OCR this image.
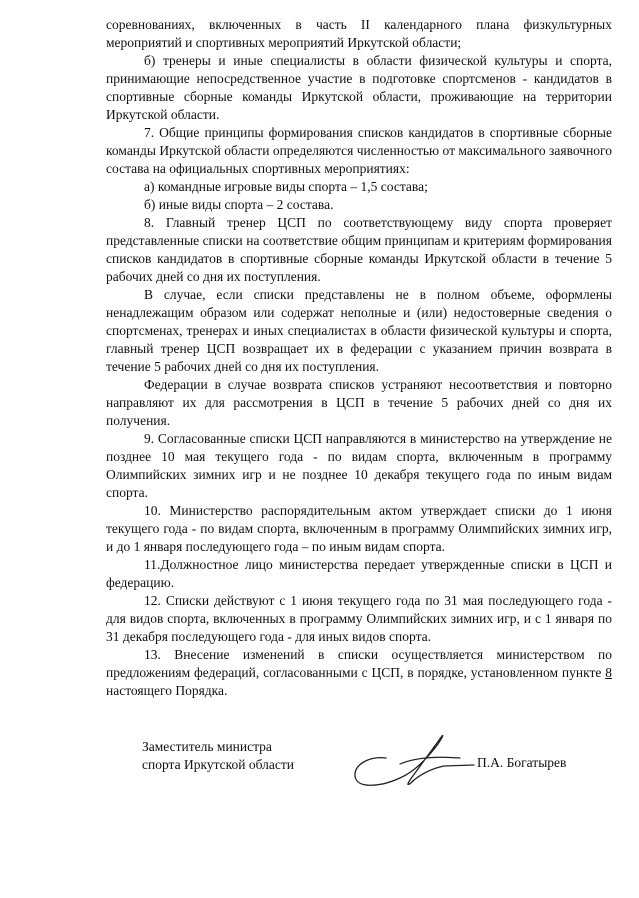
соревнованиях, включенных в часть II календарного плана физкультурных мероприятий и спортивных мероприятий Иркутской области;

б) тренеры и иные специалисты в области физической культуры и спорта, принимающие непосредственное участие в подготовке спортсменов - кандидатов в спортивные сборные команды Иркутской области, проживающие на территории Иркутской области.

7. Общие принципы формирования списков кандидатов в спортивные сборные команды Иркутской области определяются численностью от максимального заявочного состава на официальных спортивных мероприятиях:

а) командные игровые виды спорта – 1,5 состава;

б) иные виды спорта – 2 состава.

8. Главный тренер ЦСП по соответствующему виду спорта проверяет представленные списки на соответствие общим принципам и критериям формирования списков кандидатов в спортивные сборные команды Иркутской области в течение 5 рабочих дней со дня их поступления.

В случае, если списки представлены не в полном объеме, оформлены ненадлежащим образом или содержат неполные и (или) недостоверные сведения о спортсменах, тренерах и иных специалистах в области физической культуры и спорта, главный тренер ЦСП возвращает их в федерации с указанием причин возврата в течение 5 рабочих дней со дня их поступления.

Федерации в случае возврата списков устраняют несоответствия и повторно направляют их для рассмотрения в ЦСП в течение 5 рабочих дней со дня их получения.

9. Согласованные списки ЦСП направляются в министерство на утверждение не позднее 10 мая текущего года - по видам спорта, включенным в программу Олимпийских зимних игр и не позднее 10 декабря текущего года по иным видам спорта.

10. Министерство распорядительным актом утверждает списки до 1 июня текущего года - по видам спорта, включенным в программу Олимпийских зимних игр, и до 1 января последующего года – по иным видам спорта.

11.Должностное лицо министерства передает утвержденные списки в ЦСП и федерацию.

12. Списки действуют с 1 июня текущего года по 31 мая последующего года - для видов спорта, включенных в программу Олимпийских зимних игр, и с 1 января по 31 декабря последующего года - для иных видов спорта.

13. Внесение изменений в списки осуществляется министерством по предложениям федераций, согласованными с ЦСП, в порядке, установленном пункте 8 настоящего Порядка.

Заместитель министра
спорта Иркутской области	П.А. Богатырев
